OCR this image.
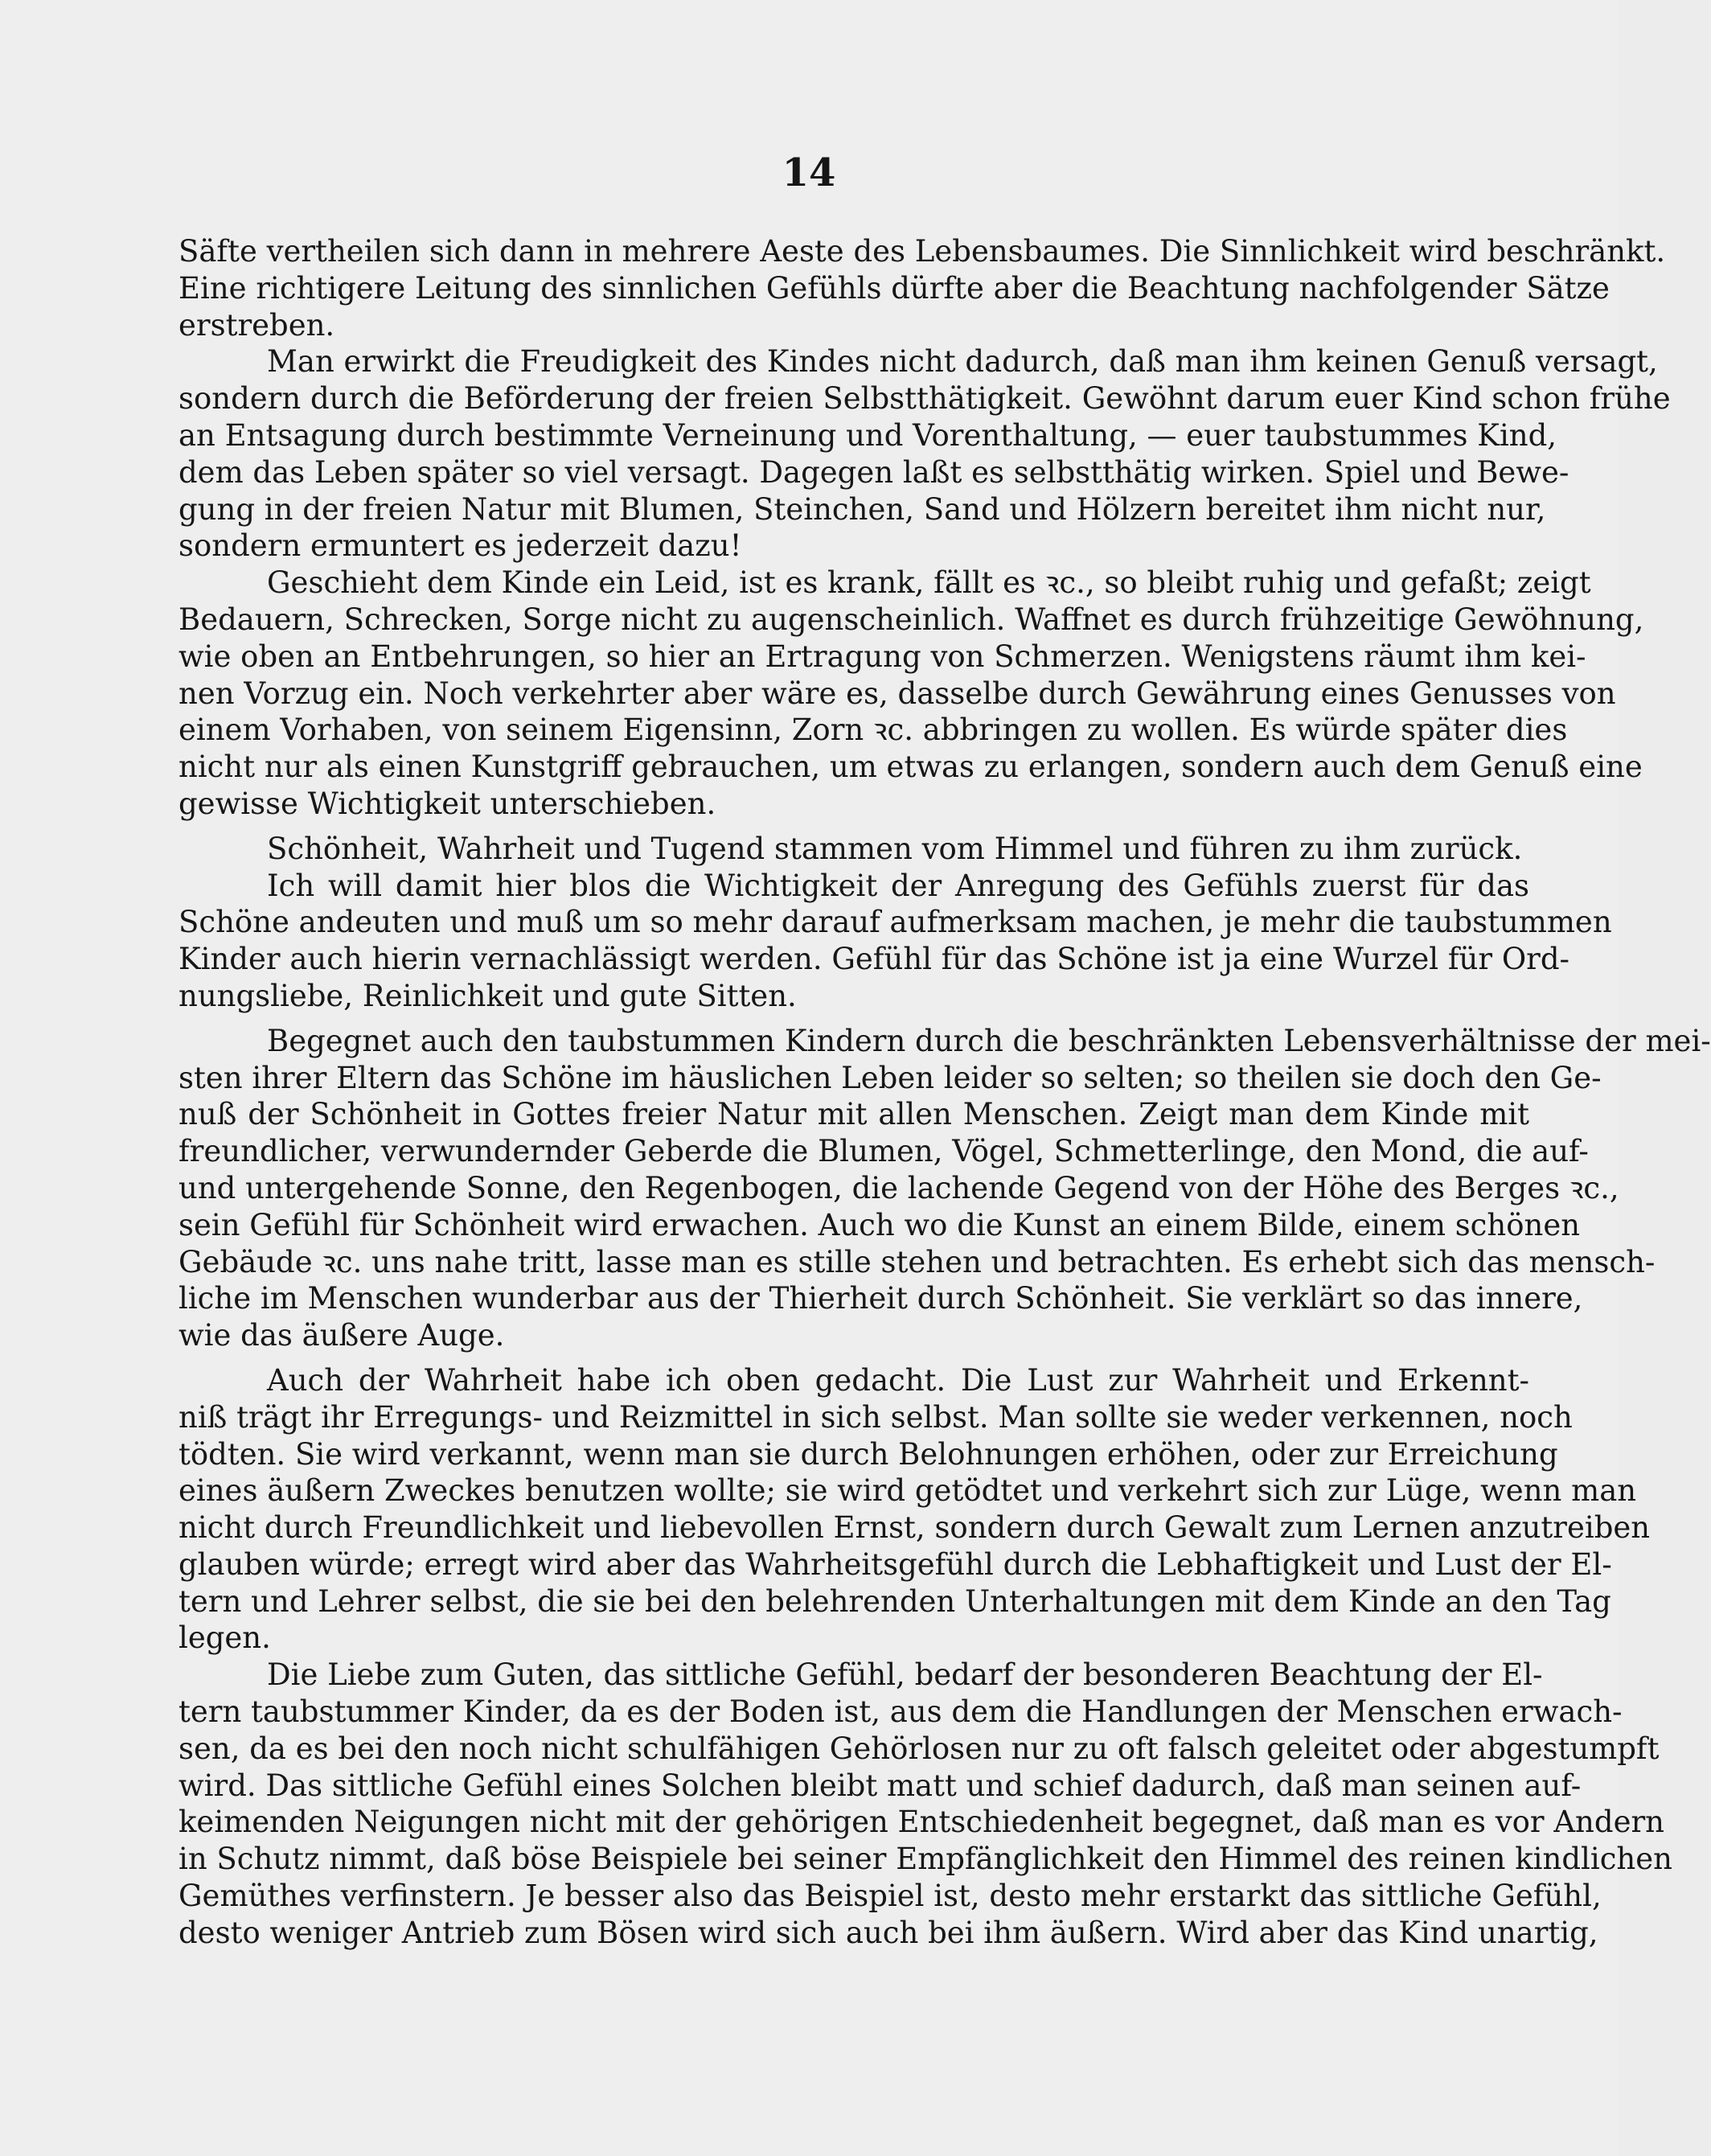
14
Säfte vertheilen sich dann in mehrere Aeste des Lebensbaumes. Die Sinnlichkeit wird beschränkt.
Eine richtigere Leitung des sinnlichen Gefühls dürfte aber die Beachtung nachfolgender Sätze
erstreben.
Man erwirkt die Freudigkeit des Kindes nicht dadurch, daß man ihm keinen Genuß versagt,
sondern durch die Beförderung der freien Selbstthätigkeit. Gewöhnt darum euer Kind schon frühe
an Entsagung durch bestimmte Verneinung und Vorenthaltung, — euer taubstummes Kind,
dem das Leben später so viel versagt. Dagegen laßt es selbstthätig wirken. Spiel und Bewe-
gung in der freien Natur mit Blumen, Steinchen, Sand und Hölzern bereitet ihm nicht nur,
sondern ermuntert es jederzeit dazu!
Geschieht dem Kinde ein Leid, ist es krank, fällt es ꝛc., so bleibt ruhig und gefaßt; zeigt
Bedauern, Schrecken, Sorge nicht zu augenscheinlich. Waffnet es durch frühzeitige Gewöhnung,
wie oben an Entbehrungen, so hier an Ertragung von Schmerzen. Wenigstens räumt ihm kei-
nen Vorzug ein. Noch verkehrter aber wäre es, dasselbe durch Gewährung eines Genusses von
einem Vorhaben, von seinem Eigensinn, Zorn ꝛc. abbringen zu wollen. Es würde später dies
nicht nur als einen Kunstgriff gebrauchen, um etwas zu erlangen, sondern auch dem Genuß eine
gewisse Wichtigkeit unterschieben.
Schönheit, Wahrheit und Tugend stammen vom Himmel und führen zu ihm zurück.
Ich will damit hier blos die Wichtigkeit der Anregung des Gefühls zuerst für das
Schöne andeuten und muß um so mehr darauf aufmerksam machen, je mehr die taubstummen
Kinder auch hierin vernachlässigt werden. Gefühl für das Schöne ist ja eine Wurzel für Ord-
nungsliebe, Reinlichkeit und gute Sitten.
Begegnet auch den taubstummen Kindern durch die beschränkten Lebensverhältnisse der mei-
sten ihrer Eltern das Schöne im häuslichen Leben leider so selten; so theilen sie doch den Ge-
nuß der Schönheit in Gottes freier Natur mit allen Menschen. Zeigt man dem Kinde mit
freundlicher, verwundernder Geberde die Blumen, Vögel, Schmetterlinge, den Mond, die auf-
und untergehende Sonne, den Regenbogen, die lachende Gegend von der Höhe des Berges ꝛc.,
sein Gefühl für Schönheit wird erwachen. Auch wo die Kunst an einem Bilde, einem schönen
Gebäude ꝛc. uns nahe tritt, lasse man es stille stehen und betrachten. Es erhebt sich das mensch-
liche im Menschen wunderbar aus der Thierheit durch Schönheit. Sie verklärt so das innere,
wie das äußere Auge.
Auch der Wahrheit habe ich oben gedacht. Die Lust zur Wahrheit und Erkennt-
niß trägt ihr Erregungs- und Reizmittel in sich selbst. Man sollte sie weder verkennen, noch
tödten. Sie wird verkannt, wenn man sie durch Belohnungen erhöhen, oder zur Erreichung
eines äußern Zweckes benutzen wollte; sie wird getödtet und verkehrt sich zur Lüge, wenn man
nicht durch Freundlichkeit und liebevollen Ernst, sondern durch Gewalt zum Lernen anzutreiben
glauben würde; erregt wird aber das Wahrheitsgefühl durch die Lebhaftigkeit und Lust der El-
tern und Lehrer selbst, die sie bei den belehrenden Unterhaltungen mit dem Kinde an den Tag
legen.
Die Liebe zum Guten, das sittliche Gefühl, bedarf der besonderen Beachtung der El-
tern taubstummer Kinder, da es der Boden ist, aus dem die Handlungen der Menschen erwach-
sen, da es bei den noch nicht schulfähigen Gehörlosen nur zu oft falsch geleitet oder abgestumpft
wird. Das sittliche Gefühl eines Solchen bleibt matt und schief dadurch, daß man seinen auf-
keimenden Neigungen nicht mit der gehörigen Entschiedenheit begegnet, daß man es vor Andern
in Schutz nimmt, daß böse Beispiele bei seiner Empfänglichkeit den Himmel des reinen kindlichen
Gemüthes verfinstern. Je besser also das Beispiel ist, desto mehr erstarkt das sittliche Gefühl,
desto weniger Antrieb zum Bösen wird sich auch bei ihm äußern. Wird aber das Kind unartig,
